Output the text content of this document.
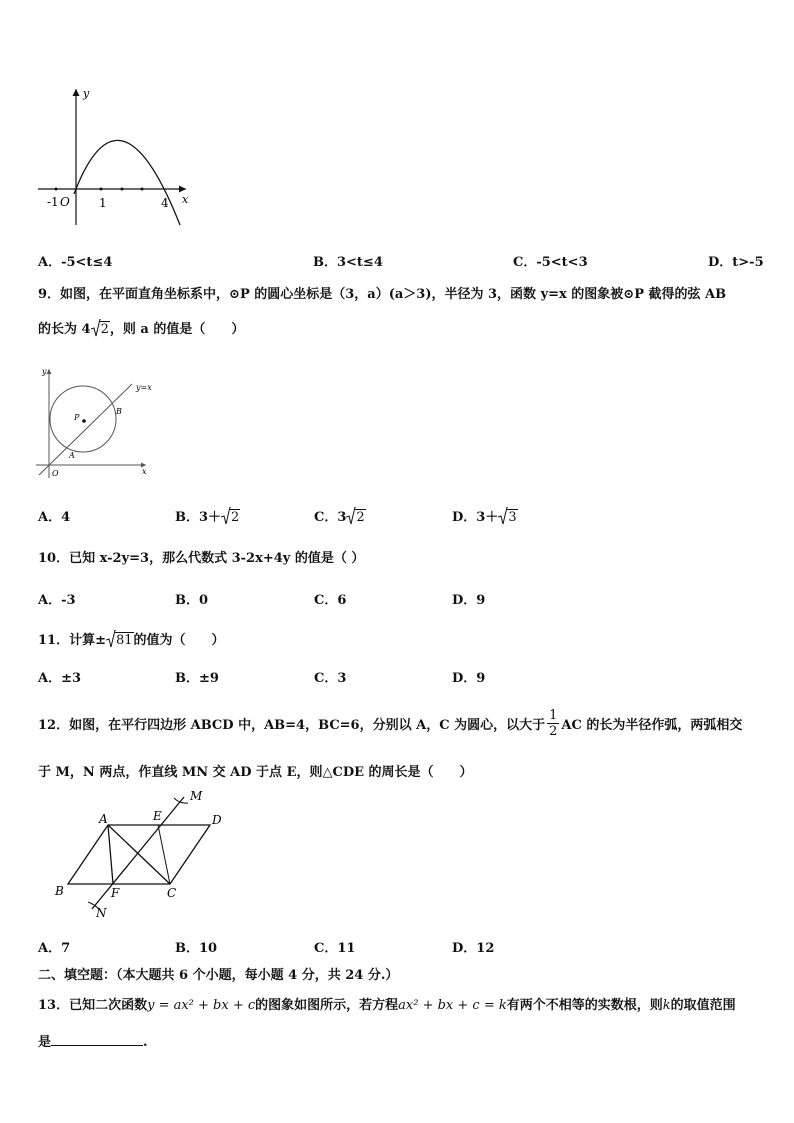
y
x
-1 O 1	4
A．-5<t≤4	B．3<t≤4	C．-5<t<3	D．t>-5
9．如图，在平面直角坐标系中，⊙P 的圆心坐标是（3，a）(a＞3)，半径为 3，函数 y=x 的图象被⊙P 截得的弦 AB
的长为 4 2，则 a 的值是（　　）
y
y=x
P
B
A
O	x
A．4	B．3＋ 2	C．3 2	D．3＋ 3
10．已知 x-2y=3，那么代数式 3-2x+4y 的值是（ ）
A．-3	B．0	C．6	D．9
11．计算± 81的值为（　　）
A．±3	B．±9	C．3	D．9
12．如图，在平行四边形 ABCD 中，AB=4，BC=6，分别以 A，C 为圆心，以大于 $\frac{1}{2}$ AC 的长为半径作弧，两弧相交
于 M，N 两点，作直线 MN 交 AD 于点 E，则△CDE 的周长是（　　）
A	E	D
M
B	F	C
N
A．7	B．10	C．11	D．12
二、填空题：（本大题共 6 个小题，每小题 4 分，共 24 分.）
13．已知二次函数y = ax² + bx + c的图象如图所示，若方程ax² + bx + c = k有两个不相等的实数根，则k的取值范围
是	.
